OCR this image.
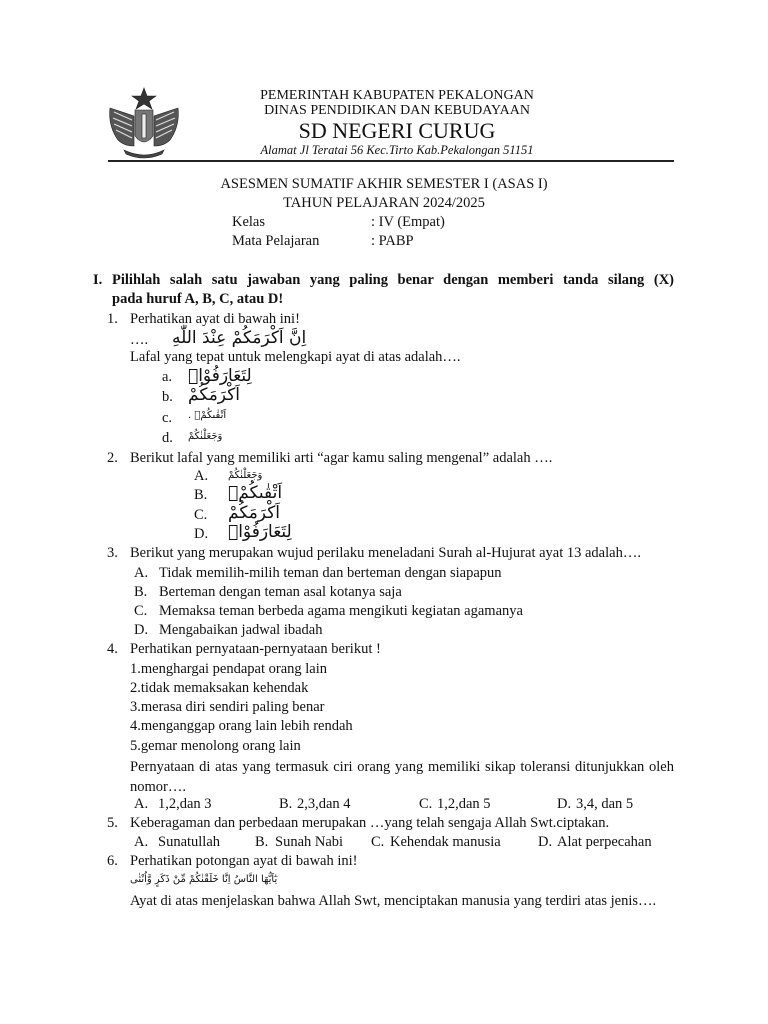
PEMERINTAH KABUPATEN PEKALONGAN
DINAS PENDIDIKAN DAN KEBUDAYAAN
SD NEGERI CURUG
Alamat Jl Teratai 56 Kec.Tirto Kab.Pekalongan 51151
ASESMEN SUMATIF AKHIR SEMESTER I (ASAS I)
TAHUN PELAJARAN 2024/2025
Kelas	: IV (Empat)
Mata Pelajaran	: PABP
I. Pilihlah salah satu jawaban yang paling benar dengan memberi tanda silang (X)
pada huruf A, B, C, atau D!
1. Perhatikan ayat di bawah ini!
…. اِنَّ اَكْرَمَكُمْ عِنْدَ اللّٰهِ
Lafal yang tepat untuk melengkapi ayat di atas adalah….
a. لِتَعَارَفُوْاۚ
b. اَكْرَمَكُمْ
c. اَتْقٰىكُمْۗ .
d. وَجَعَلْنٰكُمْ
2. Berikut lafal yang memiliki arti “agar kamu saling mengenal” adalah ….
A. وَجَعَلْنٰكُمْ
B. اَتْقٰىكُمْۗ
C. اَكْرَمَكُمْ
D. لِتَعَارَفُوْاۚ
3. Berikut yang merupakan wujud perilaku meneladani Surah al-Hujurat ayat 13 adalah….
A. Tidak memilih-milih teman dan berteman dengan siapapun
B. Berteman dengan teman asal kotanya saja
C. Memaksa teman berbeda agama mengikuti kegiatan agamanya
D. Mengabaikan jadwal ibadah
4. Perhatikan pernyataan-pernyataan berikut !
1.menghargai pendapat orang lain
2.tidak memaksakan kehendak
3.merasa diri sendiri paling benar
4.menganggap orang lain lebih rendah
5.gemar menolong orang lain
Pernyataan di atas yang termasuk ciri orang yang memiliki sikap toleransi ditunjukkan oleh nomor….
A. 1,2,dan 3	B. 2,3,dan 4	C. 1,2,dan 5	D. 3,4, dan 5
5. Keberagaman dan perbedaan merupakan …yang telah sengaja Allah Swt.ciptakan.
A. Sunatullah B. Sunah Nabi C. Kehendak manusia	D. Alat perpecahan
6. Perhatikan potongan ayat di bawah ini!
يٰٓاَيُّهَا النَّاسُ اِنَّا خَلَقْنٰكُمْ مِّنْ ذَكَرٍ وَّاُنْثٰى
Ayat di atas menjelaskan bahwa Allah Swt, menciptakan manusia yang terdiri atas jenis….
